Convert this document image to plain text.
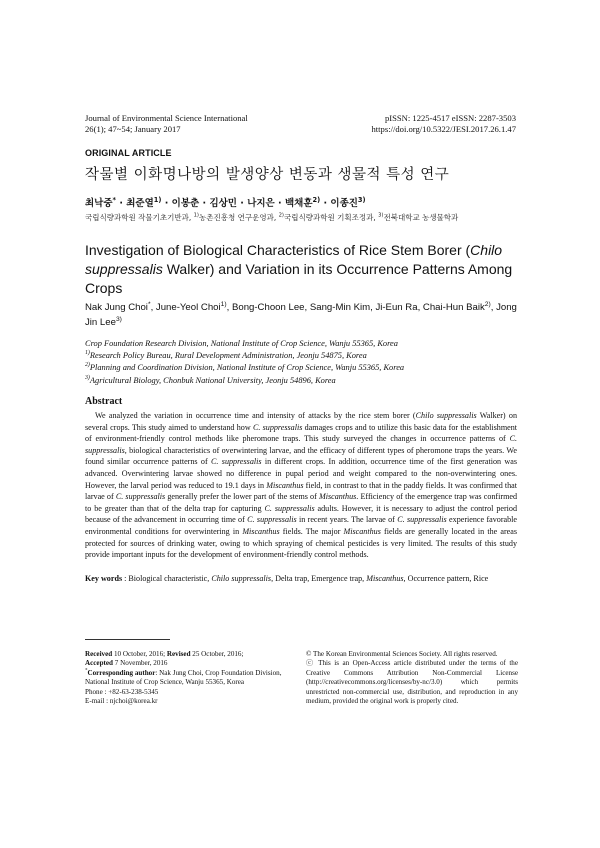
Journal of Environmental Science International
26(1); 47~54; January 2017
pISSN: 1225-4517 eISSN: 2287-3503
https://doi.org/10.5322/JESI.2017.26.1.47
ORIGINAL ARTICLE
작물별 이화명나방의 발생양상 변동과 생물적 특성 연구
최낙중* · 최준열$^{1)}$ · 이봉춘 · 김상민 · 나지은 · 백채훈$^{2)}$ · 이종진$^{3)}$
국립식량과학원 작물기초기반과, $^{1)}$농촌진흥청 연구운영과, $^{2)}$국립식량과학원 기획조정과, $^{3)}$전북대학교 농생물학과
Investigation of Biological Characteristics of Rice Stem Borer (Chilo suppressalis Walker) and Variation in its Occurrence Patterns Among Crops
Nak Jung Choi*, June-Yeol Choi$^{1)}$, Bong-Choon Lee, Sang-Min Kim, Ji-Eun Ra, Chai-Hun Baik$^{2)}$, Jong Jin Lee$^{3)}$
Crop Foundation Research Division, National Institute of Crop Science, Wanju 55365, Korea
$^{1)}$Research Policy Bureau, Rural Development Administration, Jeonju 54875, Korea
$^{2)}$Planning and Coordination Division, National Institute of Crop Science, Wanju 55365, Korea
$^{3)}$Agricultural Biology, Chonbuk National University, Jeonju 54896, Korea
Abstract
We analyzed the variation in occurrence time and intensity of attacks by the rice stem borer (Chilo suppressalis Walker) on several crops. This study aimed to understand how C. suppressalis damages crops and to utilize this basic data for the establishment of environment-friendly control methods like pheromone traps. This study surveyed the changes in occurrence patterns of C. suppressalis, biological characteristics of overwintering larvae, and the efficacy of different types of pheromone traps the years. We found similar occurrence patterns of C. suppressalis in different crops. In addition, occurrence time of the first generation was advanced. Overwintering larvae showed no difference in pupal period and weight compared to the non-overwintering ones. However, the larval period was reduced to 19.1 days in Miscanthus field, in contrast to that in the paddy fields. It was confirmed that larvae of C. suppressalis generally prefer the lower part of the stems of Miscanthus. Efficiency of the emergence trap was confirmed to be greater than that of the delta trap for capturing C. suppressalis adults. However, it is necessary to adjust the control period because of the advancement in occurring time of C. suppressalis in recent years. The larvae of C. suppressalis experience favorable environmental conditions for overwintering in Miscanthus fields. The major Miscanthus fields are generally located in the areas protected for sources of drinking water, owing to which spraying of chemical pesticides is very limited. The results of this study provide important inputs for the development of environment-friendly control methods.
Key words : Biological characteristic, Chilo suppressalis, Delta trap, Emergence trap, Miscanthus, Occurrence pattern, Rice
Received 10 October, 2016; Revised 25 October, 2016;
Accepted 7 November, 2016
*Corresponding author: Nak Jung Choi, Crop Foundation Division, National Institute of Crop Science, Wanju 55365, Korea
Phone : +82-63-238-5345
E-mail : njchoi@korea.kr
© The Korean Environmental Sciences Society. All rights reserved.
ⓒ This is an Open-Access article distributed under the terms of the Creative Commons Attribution Non-Commercial License (http://creativecommons.org/licenses/by-nc/3.0) which permits unrestricted non-commercial use, distribution, and reproduction in any medium, provided the original work is properly cited.
